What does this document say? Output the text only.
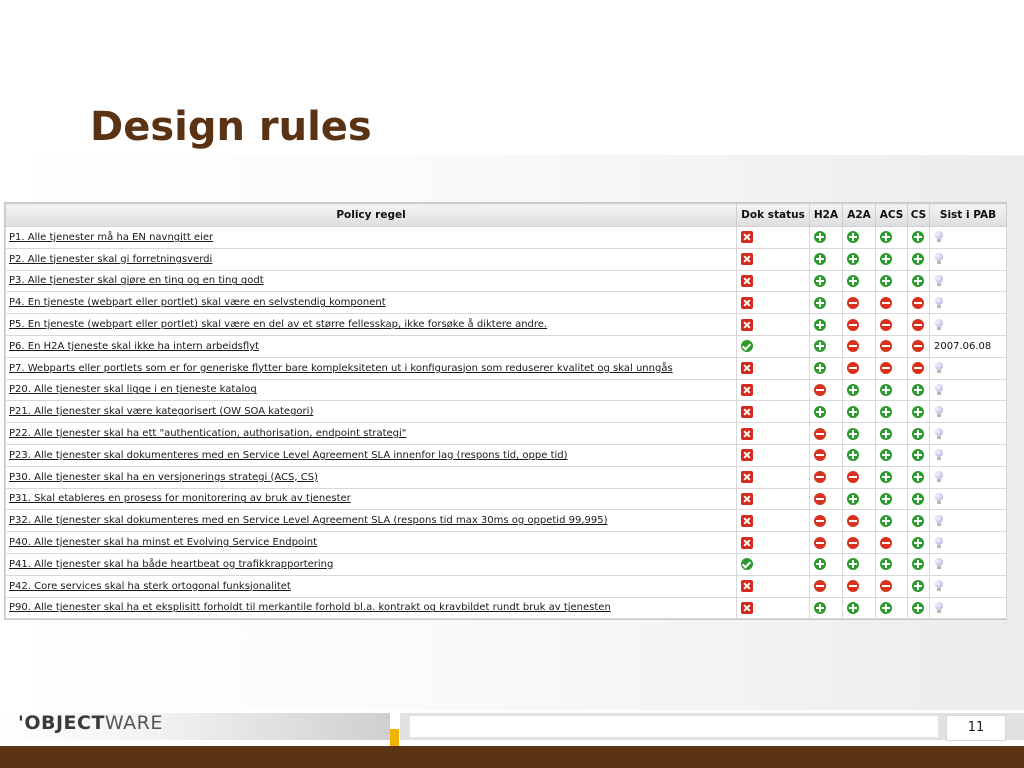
Design rules
Policy regel	Dok status	H2A	A2A	ACS	CS	Sist i PAB
P1. Alle tjenester må ha EN navngitt eier						
P2. Alle tjenester skal gi forretningsverdi						
P3. Alle tjenester skal gjøre en ting og en ting godt						
P4. En tjeneste (webpart eller portlet) skal være en selvstendig komponent						
P5. En tjeneste (webpart eller portlet) skal være en del av et større fellesskap, ikke forsøke å diktere andre.						
P6. En H2A tjeneste skal ikke ha intern arbeidsflyt						2007.06.08
P7. Webparts eller portlets som er for generiske flytter bare kompleksiteten ut i konfigurasjon som reduserer kvalitet og skal unngås						
P20. Alle tjenester skal ligge i en tjeneste katalog						
P21. Alle tjenester skal være kategorisert (OW SOA kategori)						
P22. Alle tjenester skal ha ett "authentication, authorisation, endpoint strategi"						
P23. Alle tjenester skal dokumenteres med en Service Level Agreement SLA innenfor lag (respons tid, oppe tid)						
P30. Alle tjenester skal ha en versjonerings strategi (ACS, CS)						
P31. Skal etableres en prosess for monitorering av bruk av tjenester						
P32. Alle tjenester skal dokumenteres med en Service Level Agreement SLA (respons tid max 30ms og oppetid 99,995)						
P40. Alle tjenester skal ha minst et Evolving Service Endpoint						
P41. Alle tjenester skal ha både heartbeat og trafikkrapportering						
P42. Core services skal ha sterk ortogonal funksjonalitet						
P90. Alle tjenester skal ha et eksplisitt forholdt til merkantile forhold bl.a. kontrakt og kravbildet rundt bruk av tjenesten						
'OBJECTWARE	11
